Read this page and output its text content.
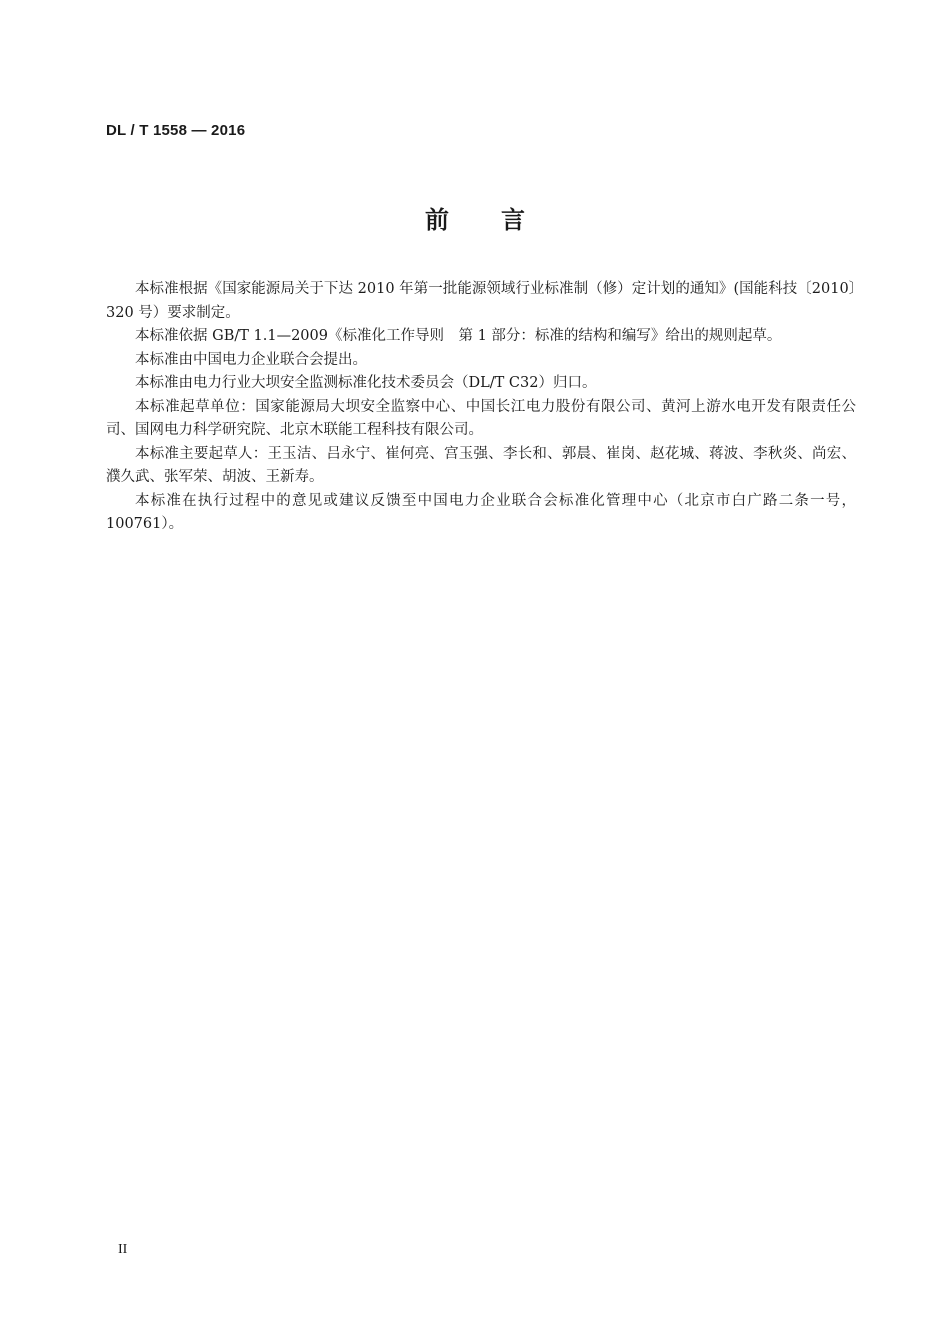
DL / T 1558 — 2016
前 言

本标准根据《国家能源局关于下达 2010 年第一批能源领域行业标准制（修）定计划的通知》(国能科技〔2010〕320 号）要求制定。

本标准依据 GB/T 1.1—2009《标准化工作导则　第 1 部分：标准的结构和编写》给出的规则起草。

本标准由中国电力企业联合会提出。

本标准由电力行业大坝安全监测标准化技术委员会（DL/T C32）归口。

本标准起草单位：国家能源局大坝安全监察中心、中国长江电力股份有限公司、黄河上游水电开发有限责任公司、国网电力科学研究院、北京木联能工程科技有限公司。

本标准主要起草人：王玉洁、吕永宁、崔何亮、宫玉强、李长和、郭晨、崔岗、赵花城、蒋波、李秋炎、尚宏、濮久武、张军荣、胡波、王新寿。

本标准在执行过程中的意见或建议反馈至中国电力企业联合会标准化管理中心（北京市白广路二条一号，100761）。

II
